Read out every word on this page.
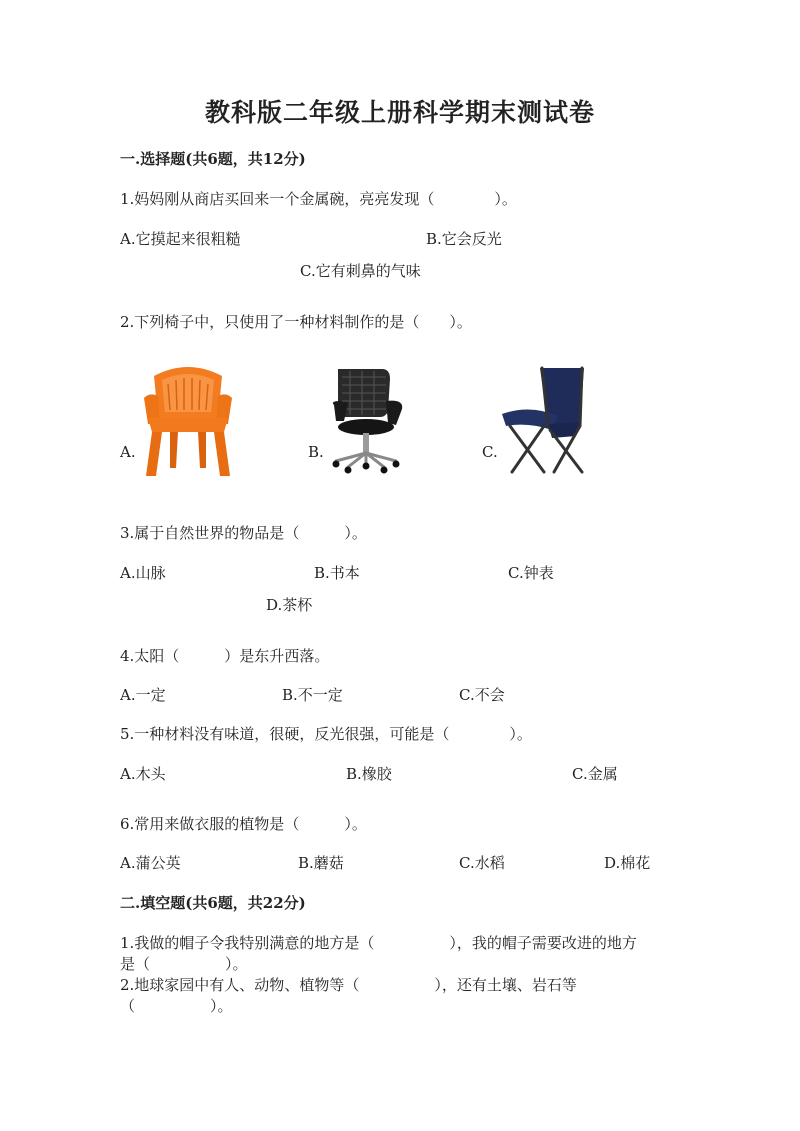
教科版二年级上册科学期末测试卷
一.选择题(共6题，共12分)
1.妈妈刚从商店买回来一个金属碗，亮亮发现（　　　　）。
A.它摸起来很粗糙	B.它会反光
C.它有刺鼻的气味
2.下列椅子中，只使用了一种材料制作的是（　　）。
A.	B.	C.
3.属于自然世界的物品是（　　　）。
A.山脉	B.书本	C.钟表
D.茶杯
4.太阳（　　　）是东升西落。
A.一定	B.不一定	C.不会
5.一种材料没有味道，很硬，反光很强，可能是（　　　　）。
A.木头	B.橡胶	C.金属
6.常用来做衣服的植物是（　　　）。
A.蒲公英	B.蘑菇	C.水稻	D.棉花
二.填空题(共6题，共22分)
1.我做的帽子令我特别满意的地方是（　　　　　），我的帽子需要改进的地方
是（　　　　　）。
2.地球家园中有人、动物、植物等（　　　　　），还有土壤、岩石等
（　　　　　）。
